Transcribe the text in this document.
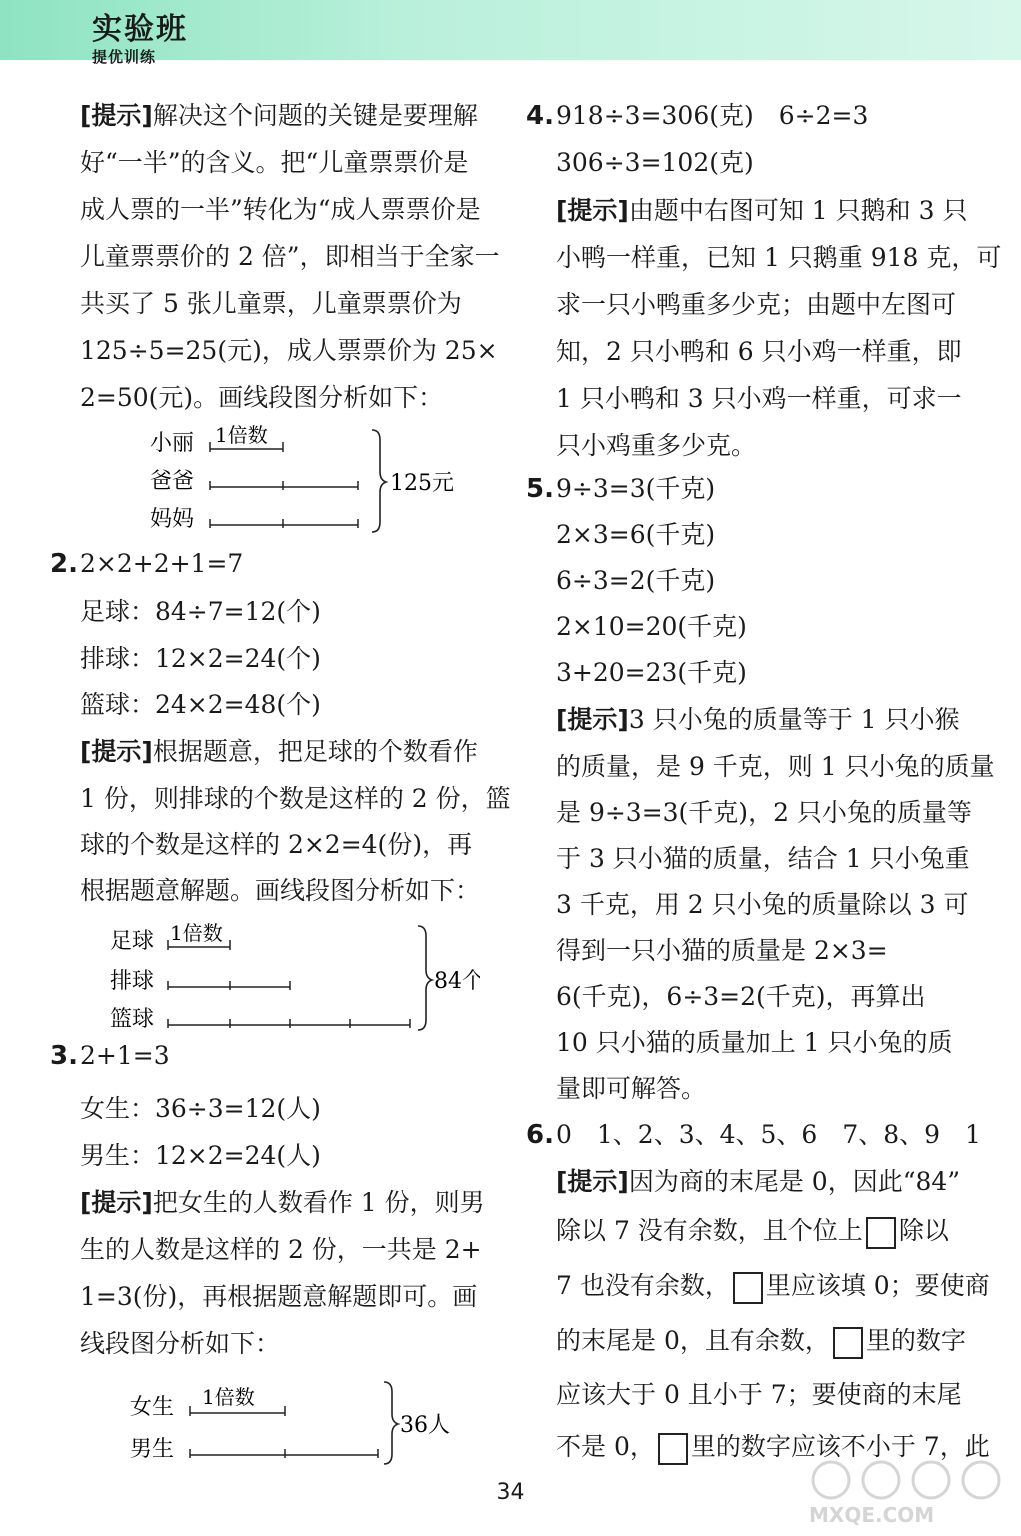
实验班
提优训练
[提示]解决这个问题的关键是要理解
好“一半”的含义。把“儿童票票价是
成人票的一半”转化为“成人票票价是
儿童票票价的 2 倍”，即相当于全家一
共买了 5 张儿童票，儿童票票价为
125÷5=25(元)，成人票票价为 25×
2=50(元)。画线段图分析如下：
小丽
爸爸
妈妈
1倍数
125元
2. 2×2+2+1=7
足球：84÷7=12(个)
排球：12×2=24(个)
篮球：24×2=48(个)
[提示]根据题意，把足球的个数看作
1 份，则排球的个数是这样的 2 份，篮
球的个数是这样的 2×2=4(份)，再
根据题意解题。画线段图分析如下：
足球
排球
篮球
1倍数
84个
3. 2+1=3
女生：36÷3=12(人)
男生：12×2=24(人)
[提示]把女生的人数看作 1 份，则男
生的人数是这样的 2 份，一共是 2+
1=3(份)，再根据题意解题即可。画
线段图分析如下：
女生
男生
1倍数
36人
4. 918÷3=306(克)　6÷2=3
306÷3=102(克)
[提示]由题中右图可知 1 只鹅和 3 只
小鸭一样重，已知 1 只鹅重 918 克，可
求一只小鸭重多少克；由题中左图可
知，2 只小鸭和 6 只小鸡一样重，即
1 只小鸭和 3 只小鸡一样重，可求一
只小鸡重多少克。
5. 9÷3=3(千克)
2×3=6(千克)
6÷3=2(千克)
2×10=20(千克)
3+20=23(千克)
[提示]3 只小兔的质量等于 1 只小猴
的质量，是 9 千克，则 1 只小兔的质量
是 9÷3=3(千克)，2 只小兔的质量等
于 3 只小猫的质量，结合 1 只小兔重
3 千克，用 2 只小兔的质量除以 3 可
得到一只小猫的质量是 2×3=
6(千克)，6÷3=2(千克)，再算出
10 只小猫的质量加上 1 只小兔的质
量即可解答。
6. 0　1、2、3、4、5、6　7、8、9　1
[提示]因为商的末尾是 0，因此“84”
除以 7 没有余数，且个位上 除以
7 也没有余数， 里应该填 0；要使商
的末尾是 0，且有余数， 里的数字
应该大于 0 且小于 7；要使商的末尾
不是 0， 里的数字应该不小于 7，此
34
MXQE.COM
